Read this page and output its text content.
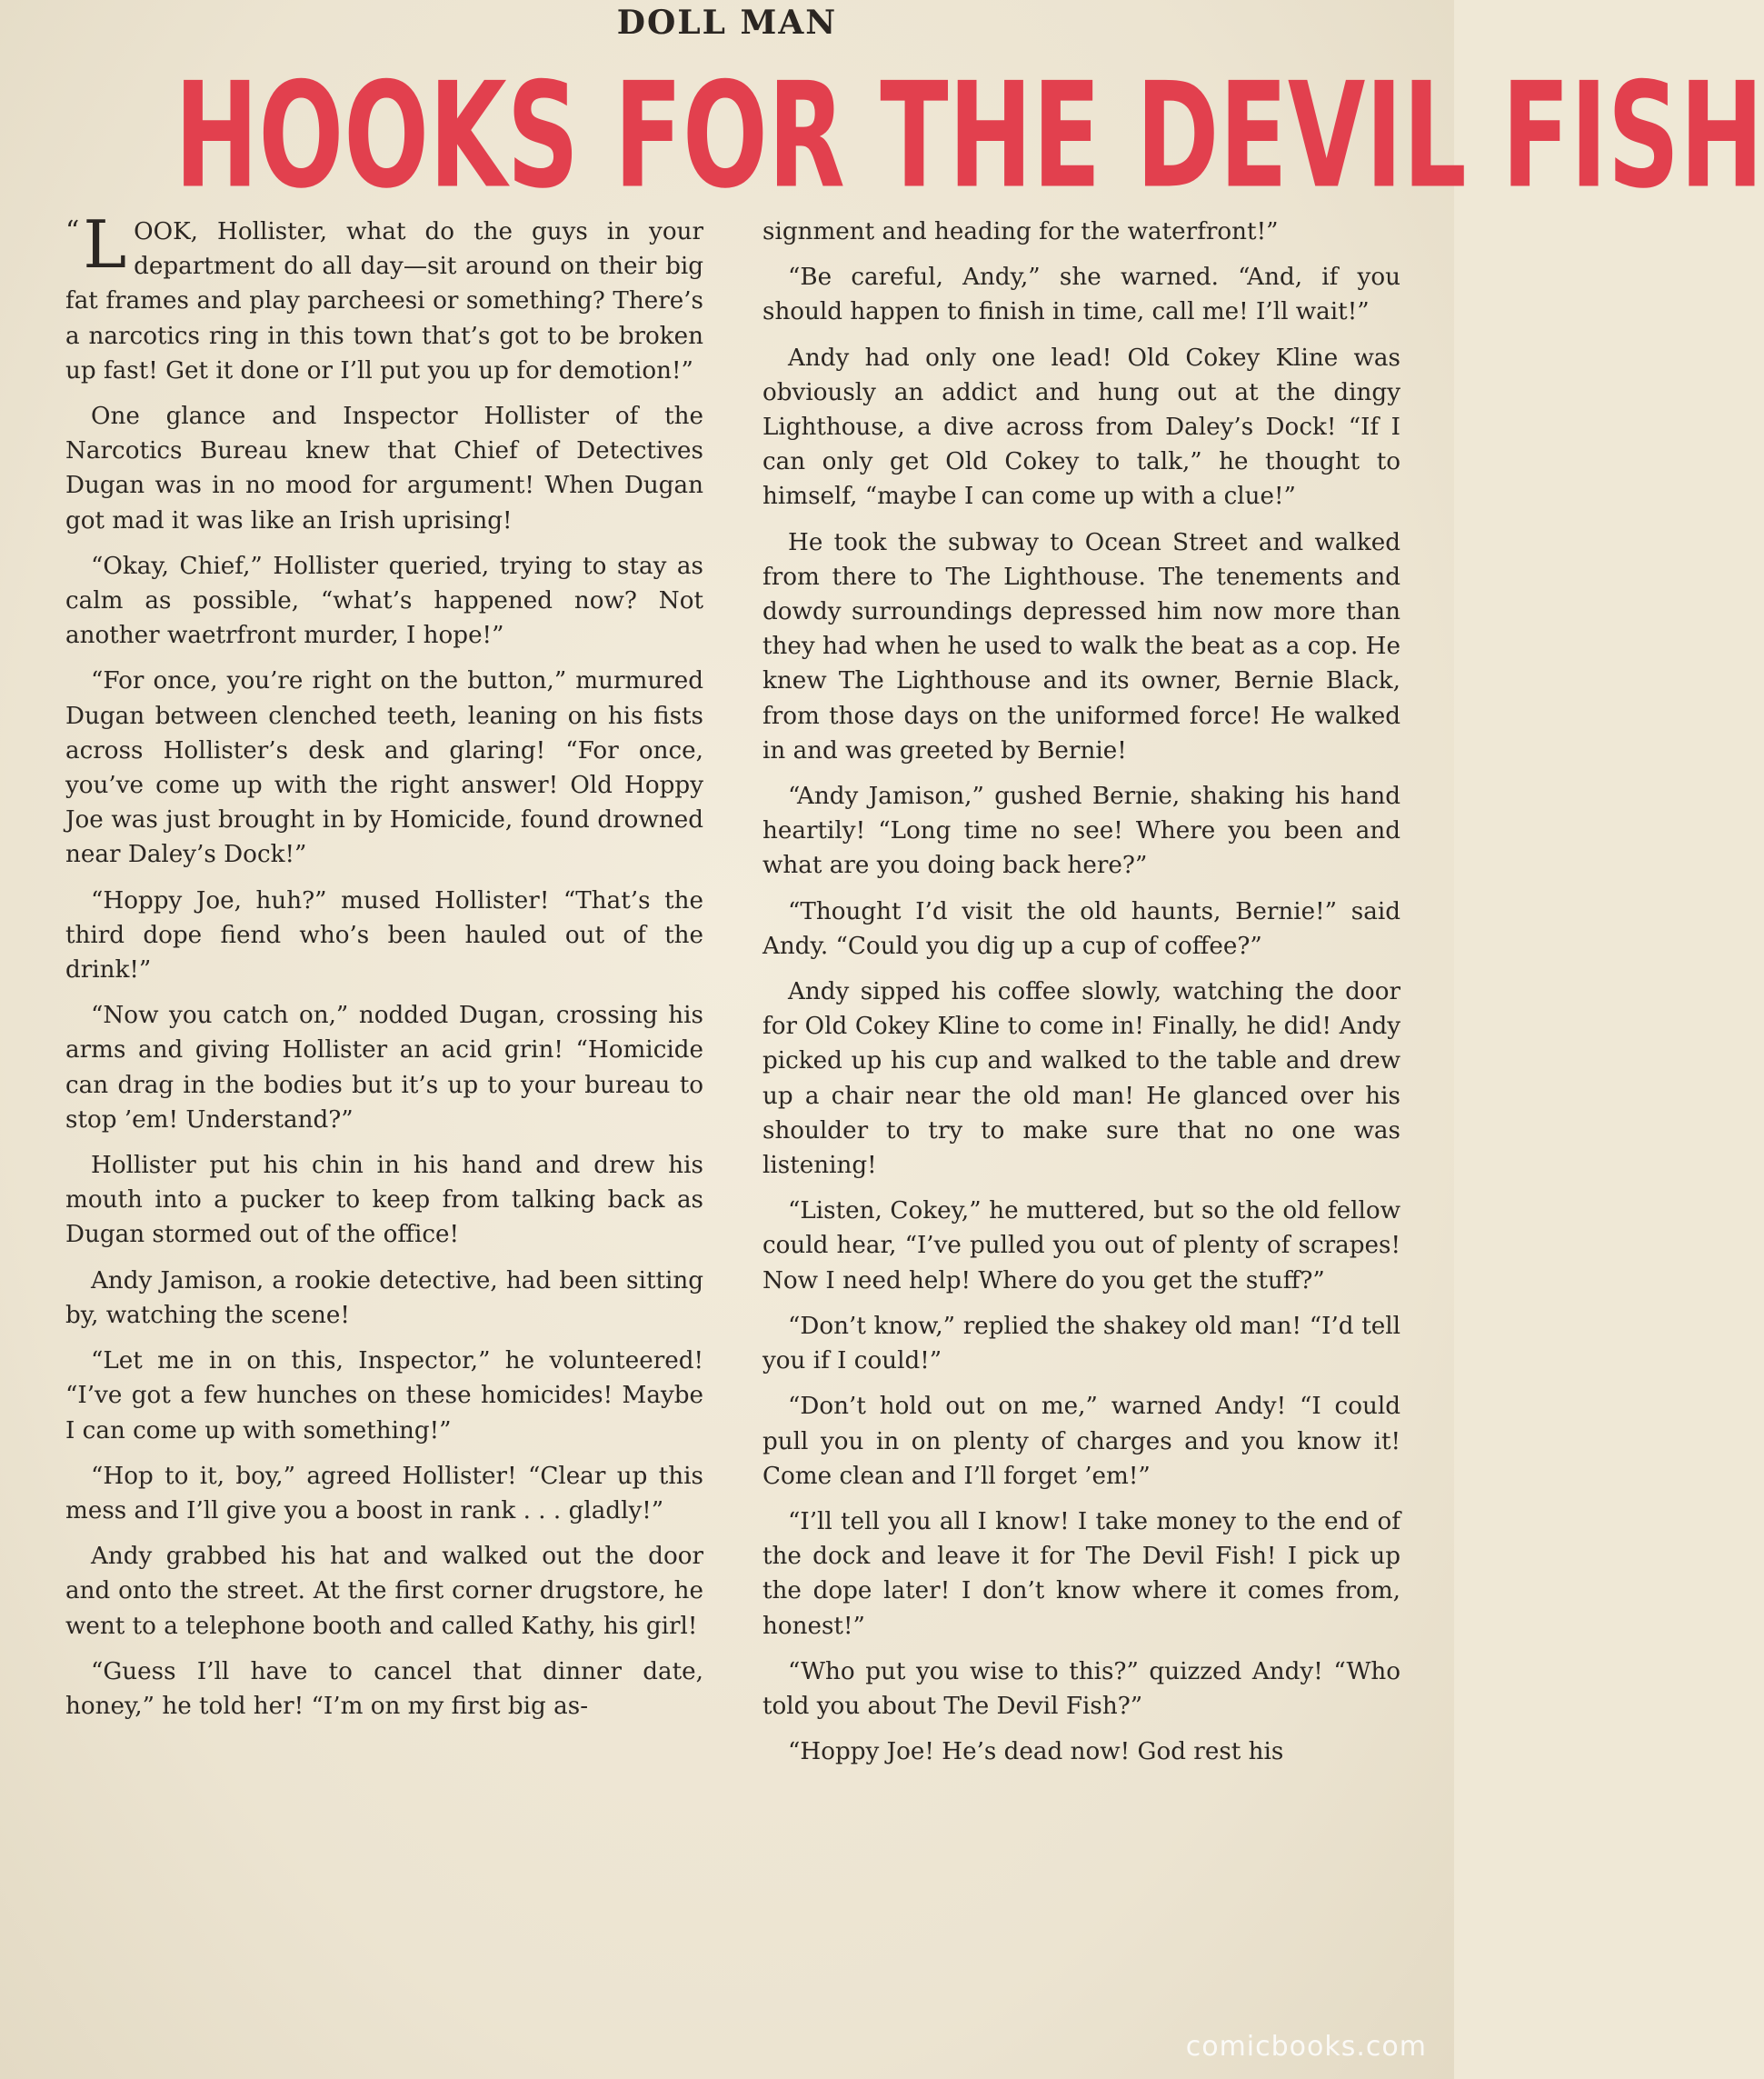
DOLL MAN
HOOKS FOR THE DEVIL FISH

“ L OOK, Hollister, what do the guys in your department do all day—sit around on their big fat frames and play parcheesi or something? There’s a narcotics ring in this town that’s got to be broken up fast! Get it done or I’ll put you up for demotion!”

One glance and Inspector Hollister of the Narcotics Bureau knew that Chief of Detectives Dugan was in no mood for argument! When Dugan got mad it was like an Irish uprising!

“Okay, Chief,” Hollister queried, trying to stay as calm as possible, “what’s happened now? Not another waetrfront murder, I hope!”

“For once, you’re right on the button,” murmured Dugan between clenched teeth, leaning on his fists across Hollister’s desk and glaring! “For once, you’ve come up with the right answer! Old Hoppy Joe was just brought in by Homicide, found drowned near Daley’s Dock!”

“Hoppy Joe, huh?” mused Hollister! “That’s the third dope fiend who’s been hauled out of the drink!”

“Now you catch on,” nodded Dugan, crossing his arms and giving Hollister an acid grin! “Homicide can drag in the bodies but it’s up to your bureau to stop ’em! Understand?”

Hollister put his chin in his hand and drew his mouth into a pucker to keep from talking back as Dugan stormed out of the office!

Andy Jamison, a rookie detective, had been sitting by, watching the scene!

“Let me in on this, Inspector,” he volunteered! “I’ve got a few hunches on these homicides! Maybe I can come up with something!”

“Hop to it, boy,” agreed Hollister! “Clear up this mess and I’ll give you a boost in rank . . . gladly!”

Andy grabbed his hat and walked out the door and onto the street. At the first corner drugstore, he went to a telephone booth and called Kathy, his girl!

“Guess I’ll have to cancel that dinner date, honey,” he told her! “I’m on my first big as-

signment and heading for the waterfront!”

“Be careful, Andy,” she warned. “And, if you should happen to finish in time, call me! I’ll wait!”

Andy had only one lead! Old Cokey Kline was obviously an addict and hung out at the dingy Lighthouse, a dive across from Daley’s Dock! “If I can only get Old Cokey to talk,” he thought to himself, “maybe I can come up with a clue!”

He took the subway to Ocean Street and walked from there to The Lighthouse. The tenements and dowdy surroundings depressed him now more than they had when he used to walk the beat as a cop. He knew The Lighthouse and its owner, Bernie Black, from those days on the uniformed force! He walked in and was greeted by Bernie!

“Andy Jamison,” gushed Bernie, shaking his hand heartily! “Long time no see! Where you been and what are you doing back here?”

“Thought I’d visit the old haunts, Bernie!” said Andy. “Could you dig up a cup of coffee?”

Andy sipped his coffee slowly, watching the door for Old Cokey Kline to come in! Finally, he did! Andy picked up his cup and walked to the table and drew up a chair near the old man! He glanced over his shoulder to try to make sure that no one was listening!

“Listen, Cokey,” he muttered, but so the old fellow could hear, “I’ve pulled you out of plenty of scrapes! Now I need help! Where do you get the stuff?”

“Don’t know,” replied the shakey old man! “I’d tell you if I could!”

“Don’t hold out on me,” warned Andy! “I could pull you in on plenty of charges and you know it! Come clean and I’ll forget ’em!”

“I’ll tell you all I know! I take money to the end of the dock and leave it for The Devil Fish! I pick up the dope later! I don’t know where it comes from, honest!”

“Who put you wise to this?” quizzed Andy! “Who told you about The Devil Fish?”

“Hoppy Joe! He’s dead now! God rest his

comicbooks.com
